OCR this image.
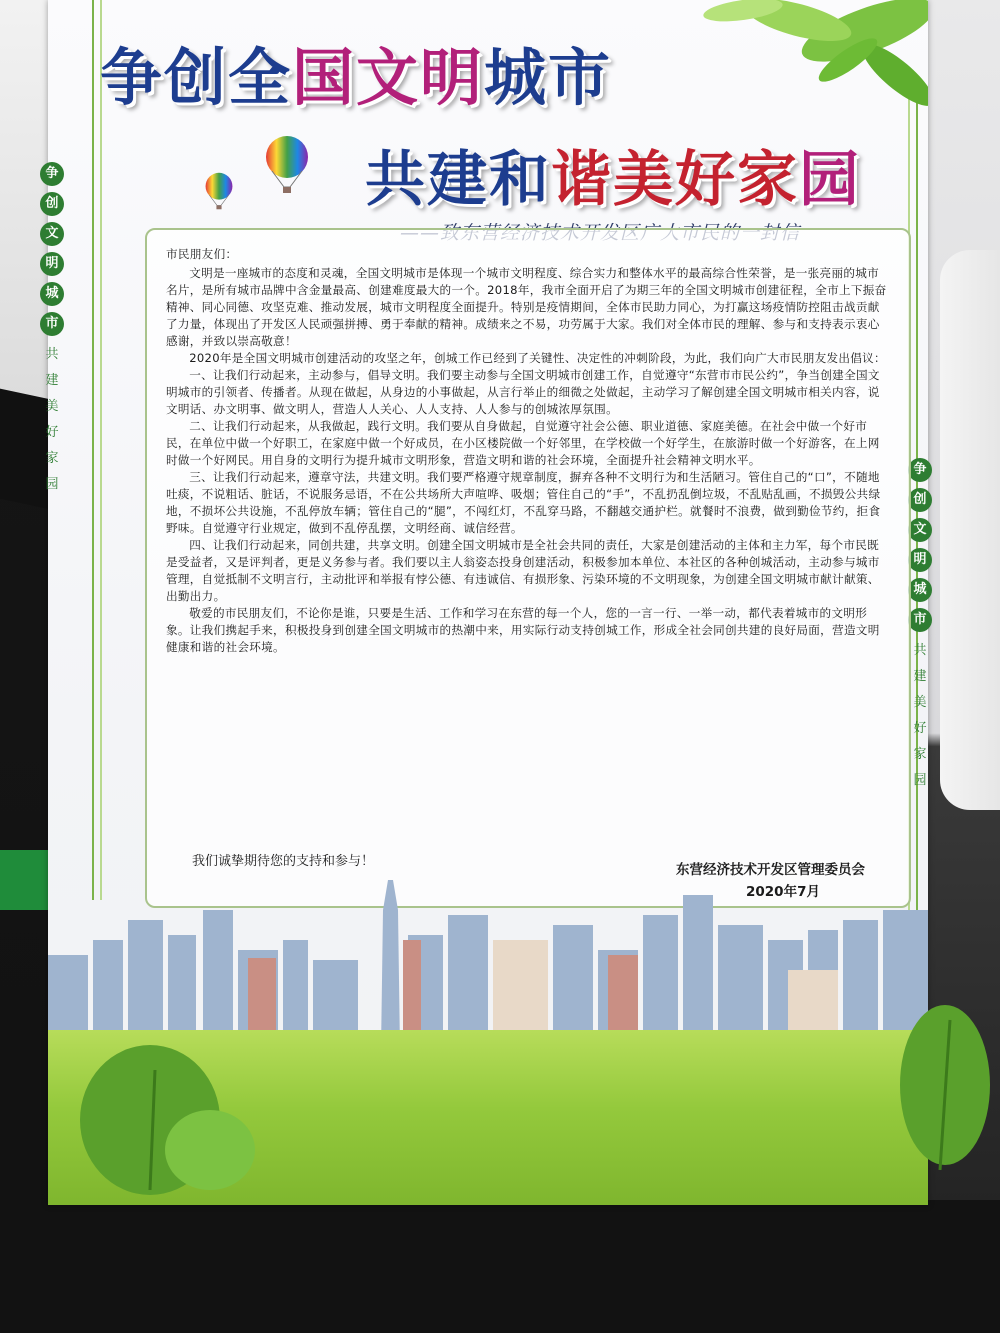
争创全国文明城市
共建和谐美好家园
争
创
文
明
城
市
共
建
美
好
家
园
争
创
文
明
城
市
共
建
美
好
家
园

市民朋友们：

文明是一座城市的态度和灵魂，全国文明城市是体现一个城市文明程度、综合实力和整体水平的最高综合性荣誉，是一张亮丽的城市名片，是所有城市品牌中含金量最高、创建难度最大的一个。2018年，我市全面开启了为期三年的全国文明城市创建征程，全市上下振奋精神、同心同德、攻坚克难、推动发展，城市文明程度全面提升。特别是疫情期间，全体市民助力同心，为打赢这场疫情防控阻击战贡献了力量，体现出了开发区人民顽强拼搏、勇于奉献的精神。成绩来之不易，功劳属于大家。我们对全体市民的理解、参与和支持表示衷心感谢，并致以崇高敬意！

2020年是全国文明城市创建活动的攻坚之年，创城工作已经到了关键性、决定性的冲刺阶段，为此，我们向广大市民朋友发出倡议：

一、让我们行动起来，主动参与，倡导文明。我们要主动参与全国文明城市创建工作，自觉遵守“东营市市民公约”，争当创建全国文明城市的引领者、传播者。从现在做起，从身边的小事做起，从言行举止的细微之处做起，主动学习了解创建全国文明城市相关内容，说文明话、办文明事、做文明人，营造人人关心、人人支持、人人参与的创城浓厚氛围。

二、让我们行动起来，从我做起，践行文明。我们要从自身做起，自觉遵守社会公德、职业道德、家庭美德。在社会中做一个好市民，在单位中做一个好职工，在家庭中做一个好成员，在小区楼院做一个好邻里，在学校做一个好学生，在旅游时做一个好游客，在上网时做一个好网民。用自身的文明行为提升城市文明形象，营造文明和谐的社会环境，全面提升社会精神文明水平。

三、让我们行动起来，遵章守法，共建文明。我们要严格遵守规章制度，摒弃各种不文明行为和生活陋习。管住自己的“口”，不随地吐痰，不说粗话、脏话，不说服务忌语，不在公共场所大声喧哗、吸烟；管住自己的“手”，不乱扔乱倒垃圾，不乱贴乱画，不损毁公共绿地，不损坏公共设施，不乱停放车辆；管住自己的“腿”，不闯红灯，不乱穿马路，不翻越交通护栏。就餐时不浪费，做到勤俭节约，拒食野味。自觉遵守行业规定，做到不乱停乱摆，文明经商、诚信经营。

四、让我们行动起来，同创共建，共享文明。创建全国文明城市是全社会共同的责任，大家是创建活动的主体和主力军，每个市民既是受益者，又是评判者，更是义务参与者。我们要以主人翁姿态投身创建活动，积极参加本单位、本社区的各种创城活动，主动参与城市管理，自觉抵制不文明言行，主动批评和举报有悖公德、有违诚信、有损形象、污染环境的不文明现象，为创建全国文明城市献计献策、出勤出力。

敬爱的市民朋友们，不论你是谁，只要是生活、工作和学习在东营的每一个人，您的一言一行、一举一动，都代表着城市的文明形象。让我们携起手来，积极投身到创建全国文明城市的热潮中来，用实际行动支持创城工作，形成全社会同创共建的良好局面，营造文明健康和谐的社会环境。

我们诚挚期待您的支持和参与！
东营经济技术开发区管理委员会
2020年7月
